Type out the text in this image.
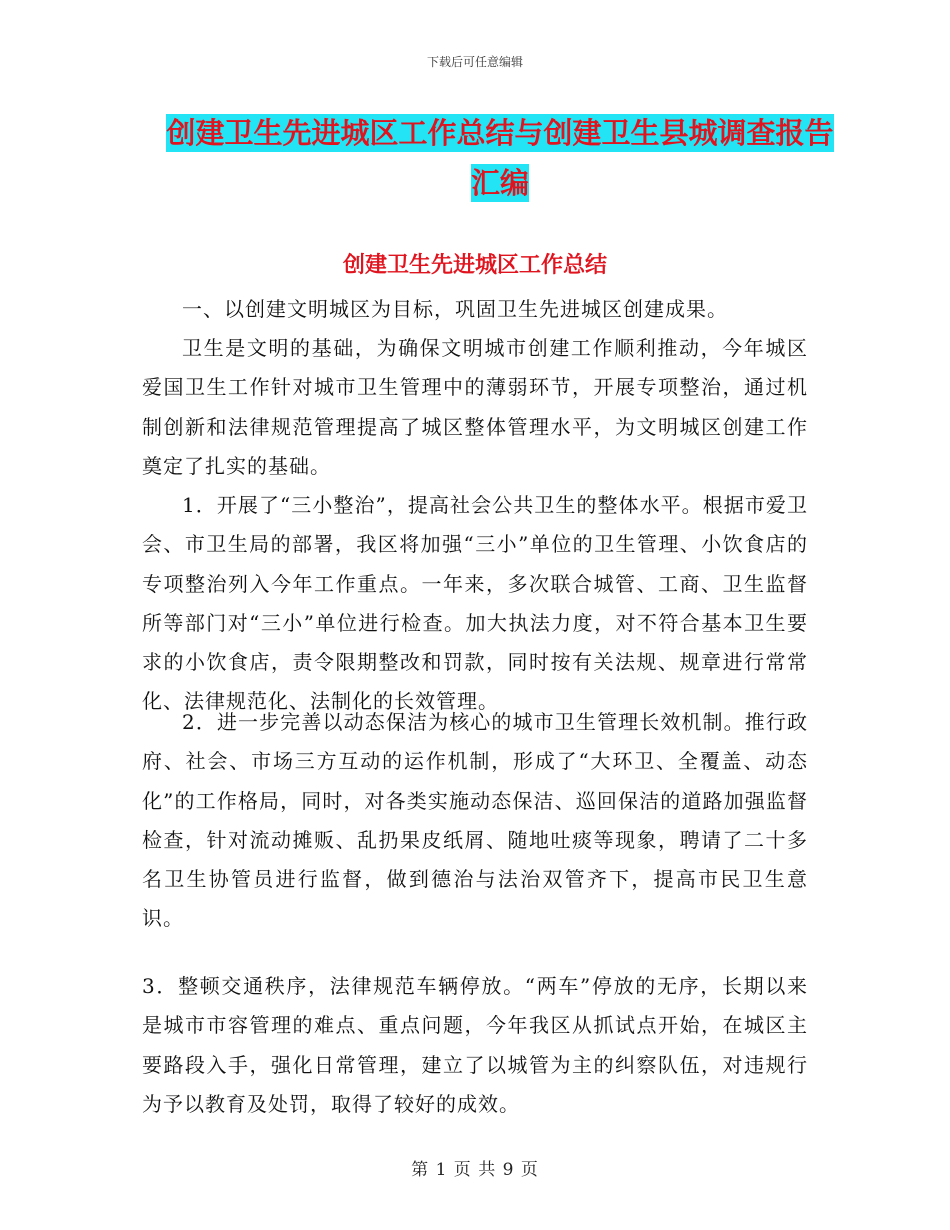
下载后可任意编辑
创建卫生先进城区工作总结与创建卫生县城调查报告
汇编
创建卫生先进城区工作总结

一、以创建文明城区为目标，巩固卫生先进城区创建成果。

卫生是文明的基础，为确保文明城市创建工作顺利推动，今年城区爱国卫生工作针对城市卫生管理中的薄弱环节，开展专项整治，通过机制创新和法律规范管理提高了城区整体管理水平，为文明城区创建工作奠定了扎实的基础。

1．开展了“三小整治”，提高社会公共卫生的整体水平。根据市爱卫会、市卫生局的部署，我区将加强“三小”单位的卫生管理、小饮食店的专项整治列入今年工作重点。一年来，多次联合城管、工商、卫生监督所等部门对“三小”单位进行检查。加大执法力度，对不符合基本卫生要求的小饮食店，责令限期整改和罚款，同时按有关法规、规章进行常常化、法律规范化、法制化的长效管理。

2．进一步完善以动态保洁为核心的城市卫生管理长效机制。推行政府、社会、市场三方互动的运作机制，形成了“大环卫、全覆盖、动态化”的工作格局，同时，对各类实施动态保洁、巡回保洁的道路加强监督检查，针对流动摊贩、乱扔果皮纸屑、随地吐痰等现象，聘请了二十多名卫生协管员进行监督，做到德治与法治双管齐下，提高市民卫生意识。

3．整顿交通秩序，法律规范车辆停放。“两车”停放的无序，长期以来是城市市容管理的难点、重点问题，今年我区从抓试点开始，在城区主要路段入手，强化日常管理，建立了以城管为主的纠察队伍，对违规行为予以教育及处罚，取得了较好的成效。

第 1 页 共 9 页
